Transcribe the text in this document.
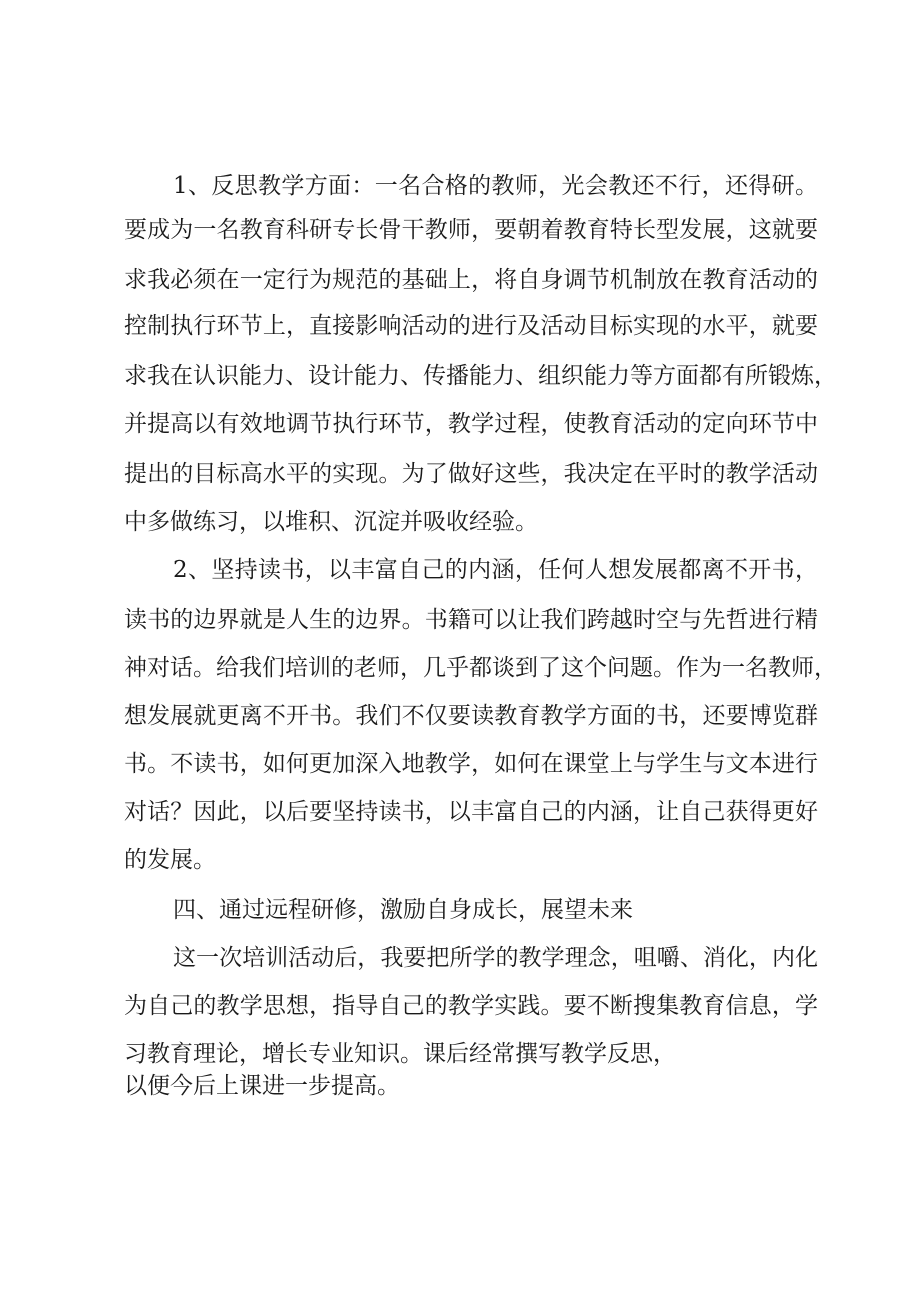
1、反思教学方面：一名合格的教师，光会教还不行，还得研。
要成为一名教育科研专长骨干教师，要朝着教育特长型发展，这就要
求我必须在一定行为规范的基础上，将自身调节机制放在教育活动的
控制执行环节上，直接影响活动的进行及活动目标实现的水平，就要
求我在认识能力、设计能力、传播能力、组织能力等方面都有所锻炼，
并提高以有效地调节执行环节，教学过程，使教育活动的定向环节中
提出的目标高水平的实现。为了做好这些，我决定在平时的教学活动
中多做练习，以堆积、沉淀并吸收经验。
2、坚持读书，以丰富自己的内涵，任何人想发展都离不开书，
读书的边界就是人生的边界。书籍可以让我们跨越时空与先哲进行精
神对话。给我们培训的老师，几乎都谈到了这个问题。作为一名教师，
想发展就更离不开书。我们不仅要读教育教学方面的书，还要博览群
书。不读书，如何更加深入地教学，如何在课堂上与学生与文本进行
对话？因此，以后要坚持读书，以丰富自己的内涵，让自己获得更好
的发展。
四、通过远程研修，激励自身成长，展望未来
这一次培训活动后，我要把所学的教学理念，咀嚼、消化，内化
为自己的教学思想，指导自己的教学实践。要不断搜集教育信息，学
习教育理论，增长专业知识。课后经常撰写教学反思，
以便今后上课进一步提高。
